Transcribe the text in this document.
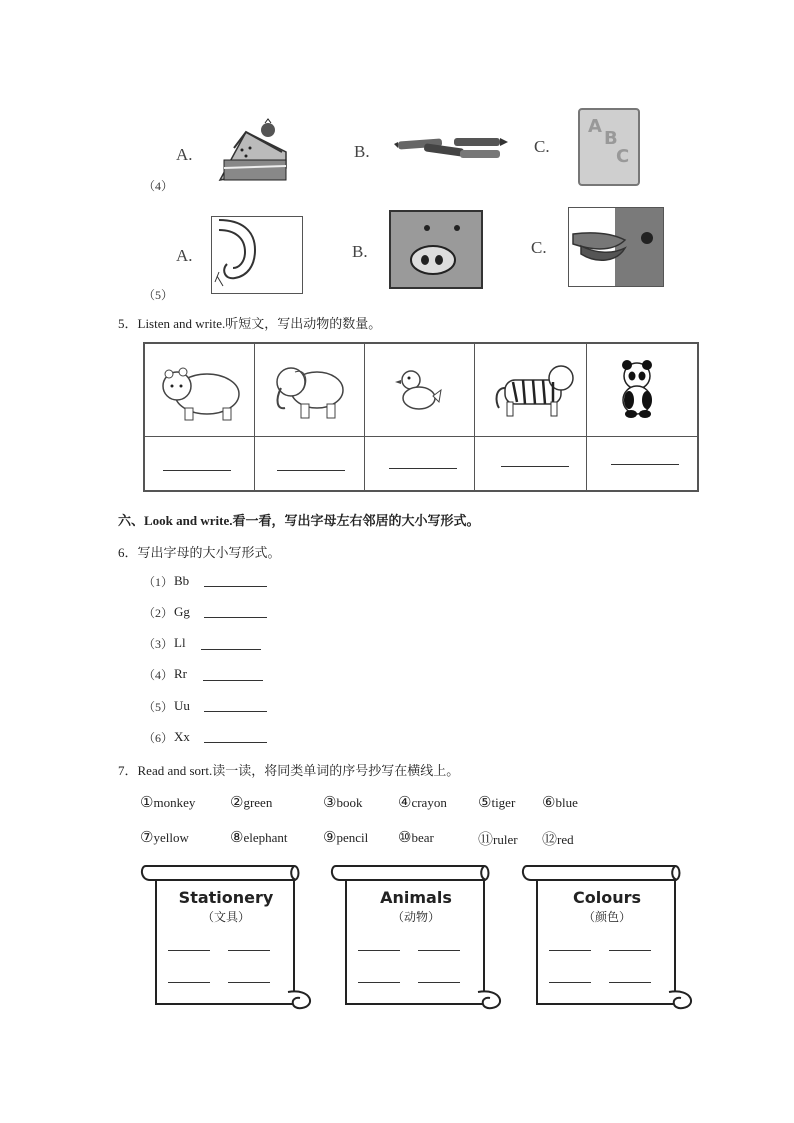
A.	B.	C.
A
B
C
（4）
A.	B.	C.
（5）
5．Listen and write.听短文，写出动物的数量。
六、Look and write.看一看，写出字母左右邻居的大小写形式。
6．写出字母的大小写形式。
（1） Bb
（2） Gg
（3） Ll
（4） Rr
（5） Uu
（6） Xx
7．Read and sort.读一读，将同类单词的序号抄写在横线上。
①monkey ②green	③book ④crayon ⑤tiger ⑥blue
⑦yellow	⑧elephant ⑨pencil ⑩bear	⑪ruler ⑫red
Stationery
（文具）
Animals
（动物）
Colours
（颜色）
